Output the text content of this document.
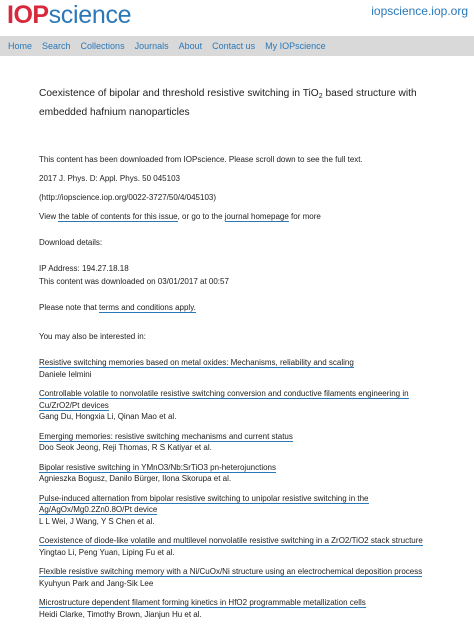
IOP science	iopscience.iop.org
Home Search Collections Journals About Contact us My IOPscience
Coexistence of bipolar and threshold resistive switching in TiO$_2$ based structure with embedded hafnium nanoparticles

This content has been downloaded from IOPscience. Please scroll down to see the full text.

2017 J. Phys. D: Appl. Phys. 50 045103

(http://iopscience.iop.org/0022-3727/50/4/045103)

View the table of contents for this issue, or go to the journal homepage for more

Download details:

IP Address: 194.27.18.18

This content was downloaded on 03/01/2017 at 00:57

Please note that terms and conditions apply.

You may also be interested in:

Resistive switching memories based on metal oxides: Mechanisms, reliability and scaling
Daniele Ielmini
Controllable volatile to nonvolatile resistive switching conversion and conductive filaments engineering in Cu/ZrO2/Pt devices
Gang Du, Hongxia Li, Qinan Mao et al.
Emerging memories: resistive switching mechanisms and current status
Doo Seok Jeong, Reji Thomas, R S Katiyar et al.
Bipolar resistive switching in YMnO3/Nb:SrTiO3 pn-heterojunctions
Agnieszka Bogusz, Danilo Bürger, Ilona Skorupa et al.
Pulse-induced alternation from bipolar resistive switching to unipolar resistive switching in the Ag/AgOx/Mg0.2Zn0.8O/Pt device
L L Wei, J Wang, Y S Chen et al.
Coexistence of diode-like volatile and multilevel nonvolatile resistive switching in a ZrO2/TiO2 stack structure
Yingtao Li, Peng Yuan, Liping Fu et al.
Flexible resistive switching memory with a Ni/CuOx/Ni structure using an electrochemical deposition process
Kyuhyun Park and Jang-Sik Lee
Microstructure dependent filament forming kinetics in HfO2 programmable metallization cells
Heidi Clarke, Timothy Brown, Jianjun Hu et al.
